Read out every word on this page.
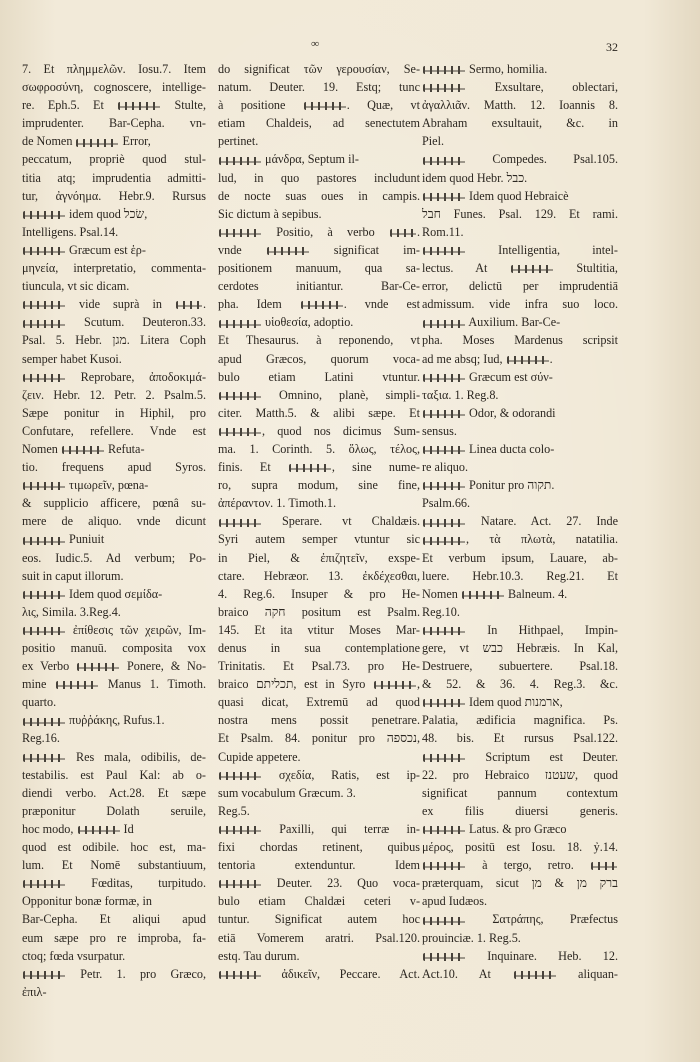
∞	32
7. Et πλημμελῶν. Iosu.7. Item
σωφροσύνη, cognoscere, intellige-
re. Eph.5. Et	Stulte,
imprudenter. Bar-Cepha. vn-
de Nomen	Error,
peccatum, propriè quod stul-
titia atq; imprudentia admitti-
tur, ἀγνόημα. Hebr.9. Rursus
idem quod שׂכל,
Intelligens. Psal.14.
Græcum est ἑρ-
μηνεία, interpretatio, commenta-
tiuncula, vt sic dicam.
vide suprà in .
Scutum. Deuteron.33.
Psal. 5. Hebr. מגן. Litera Coph
semper habet Kusoi.
Reprobare, ἀποδοκιμά-
ζειν. Hebr. 12. Petr. 2. Psalm.5.
Sæpe ponitur in Hiphil, pro
Confutare, refellere. Vnde est
Nomen	Refuta-
tio. frequens apud Syros.
τιμωρεῖν, pœna-
& supplicio afficere, pœnâ su-
mere de aliquo. vnde dicunt
Puniuit
eos. Iudic.5. Ad verbum; Po-
suit in caput illorum.
Idem quod σεμίδα-
λις, Simila. 3.Reg.4.
ἐπίθεσις τῶν χειρῶν, Im-
positio manuū. composita vox
ex Verbo	Ponere, & No-
mine	Manus 1. Timoth.
quarto.
πυῤῥάκης, Rufus.1.
Reg.16.
Res mala, odibilis, de-
testabilis. est Paul Kal: ab o-
diendi verbo. Act.28. Et sæpe
præponitur Dolath seruile,
hoc modo,	Id
quod est odibile. hoc est, ma-
lum. Et Nomē substantiuum,
Fœditas, turpitudo.
Opponitur bonæ formæ, in
Bar-Cepha. Et aliqui apud
eum sæpe pro re improba, fa-
ctoq; fœda vsurpatur.
Petr. 1. pro Græco,
ἐπιλ-
do significat τῶν γερουσίαν, Se-
natum. Deuter. 19. Estq; tunc
à positione	. Quæ, vt
etiam Chaldeis, ad senectutem
pertinet.
μάνδρα, Septum il-
lud, in quo pastores includunt
de nocte suas oues in campis.
Sic dictum à sepibus.
Positio, à verbo .
vnde	significat im-
positionem manuum, qua sa-
cerdotes initiantur. Bar-Ce-
pha. Idem	. vnde est
υἱοθεσία, adoptio.
Et Thesaurus. à reponendo, vt
apud Græcos, quorum voca-
bulo etiam Latini vtuntur.
Omnino, planè, simpli-
citer. Matth.5. & alibi sæpe. Et
, quod nos dicimus Sum-
ma. 1. Corinth. 5. ὅλως, τέλος,
finis. Et	, sine nume-
ro, supra modum, sine fine,
ἀπέραντον. 1. Timoth.1.
Sperare. vt Chaldæis.
Syri autem semper vtuntur sic
in Piel, & ἐπιζητεῖν, exspe-
ctare. Hebræor. 13. ἐκδέχεσθαι,
4. Reg.6. Insuper & pro He-
braico חקה positum est Psalm.
145. Et ita vtitur Moses Mar-
denus in sua contemplatione
Trinitatis. Et Psal.73. pro He-
braico תכליתם, est in Syro	,
quasi dicat, Extremū ad quod
nostra mens possit penetrare.
Et Psalm. 84. ponitur pro נכספה,
Cupide appetere.
σχεδία, Ratis, est ip-
sum vocabulum Græcum. 3.
Reg.5.
Paxilli, qui terræ in-
fixi chordas retinent, quibus
tentoria extenduntur. Idem
Deuter. 23. Quo voca-
bulo etiam Chaldæi ceteri v-
tuntur. Significat autem hoc
etiā Vomerem aratri. Psal.120.
estq. Tau durum.
ἀδικεῖν, Peccare. Act.
Sermo, homilia.
Exsultare, oblectari,
ἀγαλλιᾶν. Matth. 12. Ioannis 8.
Abraham exsultauit, &c. in
Piel.
Compedes. Psal.105.
idem quod Hebr. כבל.
Idem quod Hebraicè
חבל Funes. Psal. 129. Et rami.
Rom.11.
Intelligentia, intel-
lectus. At	Stultitia,
error, delictū per imprudentiā
admissum. vide infra suo loco.
Auxilium. Bar-Ce-
pha. Moses Mardenus scripsit
ad me absq; Iud,	.
Græcum est σύν-
ταξια. 1. Reg.8.
Odor, & odorandi
sensus.
Linea ducta colo-
re aliquo.
Ponitur pro תקוה.
Psalm.66.
Natare. Act. 27. Inde
, τὰ πλωτὰ, natatilia.
Et verbum ipsum, Lauare, ab-
luere. Hebr.10.3. Reg.21. Et
Nomen	Balneum. 4.
Reg.10.
In Hithpael, Impin-
gere, vt כבש Hebræis. In Kal,
Destruere, subuertere. Psal.18.
& 52. & 36. 4. Reg.3. &c.
Idem quod ארמנות,
Palatia, ædificia magnifica. Ps.
48. bis. Et rursus Psal.122.
Scriptum est Deuter.
22. pro Hebraico שעטנז, quod
significat pannum contextum
ex filis diuersi generis.
Latus. & pro Græco
μέρος, positū est Iosu. 18. ỷ.14.
à tergo, retro.
præterquam, sicut ברק מן & מן
apud Iudæos.
Σατράπης, Præfectus
prouinciæ. 1. Reg.5.
Inquinare. Heb. 12.
Act.10. At	aliquan-
